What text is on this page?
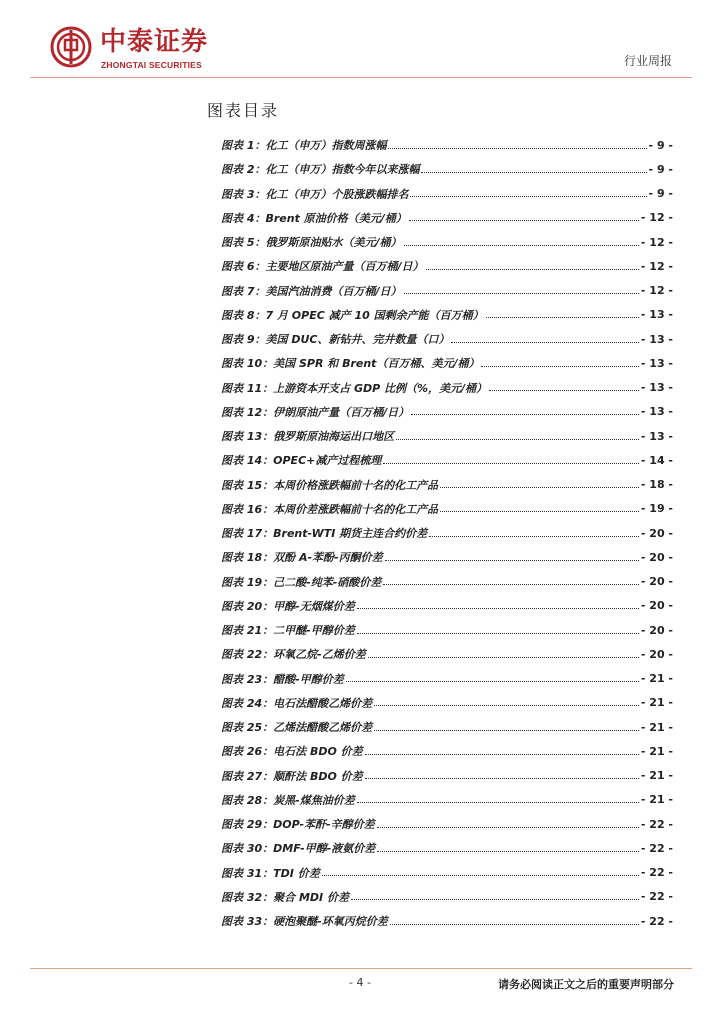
中泰证券
ZHONGTAI SECURITIES	行业周报
图表目录
图表 1：化工（申万）指数周涨幅	- 9 -
图表 2：化工（申万）指数今年以来涨幅	- 9 -
图表 3：化工（申万）个股涨跌幅排名	- 9 -
图表 4：Brent 原油价格（美元/桶）	- 12 -
图表 5：俄罗斯原油贴水（美元/桶）	- 12 -
图表 6：主要地区原油产量（百万桶/日）	- 12 -
图表 7：美国汽油消费（百万桶/日）	- 12 -
图表 8：7 月 OPEC 减产 10 国剩余产能（百万桶）	- 13 -
图表 9：美国 DUC、新钻井、完井数量（口）	- 13 -
图表 10：美国 SPR 和 Brent（百万桶、美元/桶）	- 13 -
图表 11：上游资本开支占 GDP 比例（%，美元/桶）	- 13 -
图表 12：伊朗原油产量（百万桶/日）	- 13 -
图表 13：俄罗斯原油海运出口地区	- 13 -
图表 14：OPEC+减产过程梳理	- 14 -
图表 15：本周价格涨跌幅前十名的化工产品	- 18 -
图表 16：本周价差涨跌幅前十名的化工产品	- 19 -
图表 17：Brent-WTI 期货主连合约价差	- 20 -
图表 18：双酚 A-苯酚-丙酮价差	- 20 -
图表 19：己二酸-纯苯-硝酸价差	- 20 -
图表 20：甲醇-无烟煤价差	- 20 -
图表 21：二甲醚-甲醇价差	- 20 -
图表 22：环氧乙烷-乙烯价差	- 20 -
图表 23：醋酸-甲醇价差	- 21 -
图表 24：电石法醋酸乙烯价差	- 21 -
图表 25：乙烯法醋酸乙烯价差	- 21 -
图表 26：电石法 BDO 价差	- 21 -
图表 27：顺酐法 BDO 价差	- 21 -
图表 28：炭黑-煤焦油价差	- 21 -
图表 29：DOP-苯酐-辛醇价差	- 22 -
图表 30：DMF-甲醇-液氨价差	- 22 -
图表 31：TDI 价差	- 22 -
图表 32：聚合 MDI 价差	- 22 -
图表 33：硬泡聚醚-环氧丙烷价差	- 22 -
- 4 -	请务必阅读正文之后的重要声明部分
